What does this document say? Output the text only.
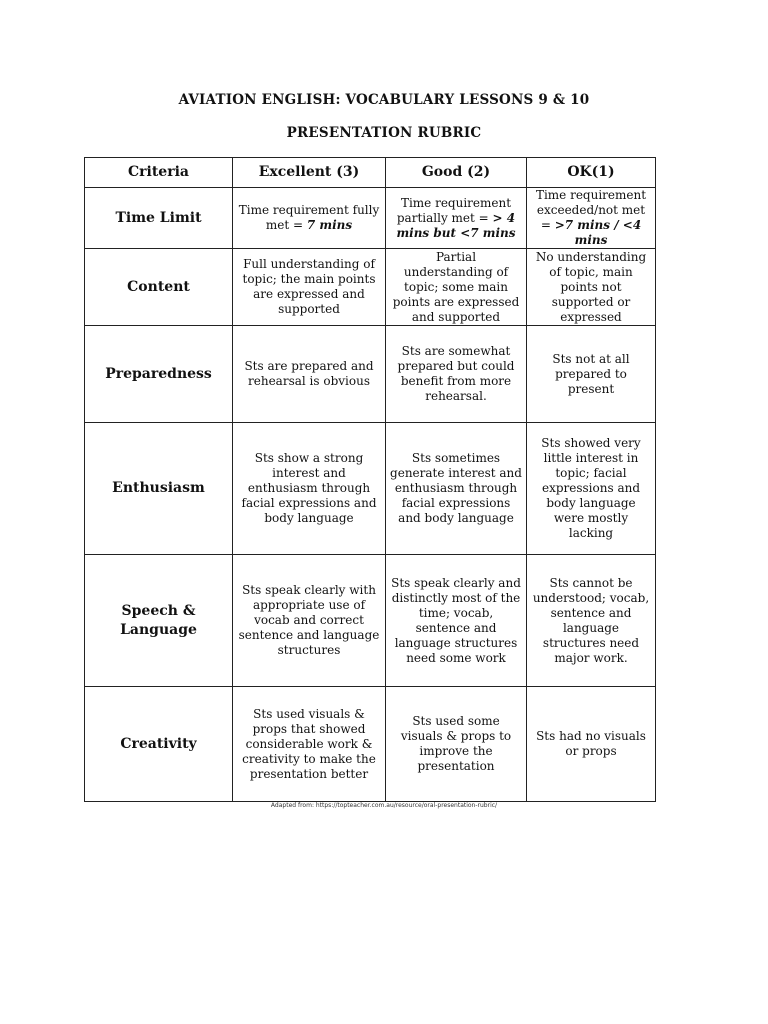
AVIATION ENGLISH: VOCABULARY LESSONS 9 & 10
PRESENTATION RUBRIC
Criteria	Excellent (3)	Good (2)	OK(1)
Time Limit	Time requirement fully met = 7 mins	Time requirement partially met = > 4 mins but <7 mins	Time requirement exceeded/not met = >7 mins / <4 mins
Content	Full understanding of topic; the main points are expressed and supported	Partial understanding of topic; some main points are expressed and supported	No understanding of topic, main points not supported or expressed
Preparedness	Sts are prepared and rehearsal is obvious	Sts are somewhat prepared but could benefit from more rehearsal.	Sts not at all prepared to present
Enthusiasm	Sts show a strong interest and enthusiasm through facial expressions and body language	Sts sometimes generate interest and enthusiasm through facial expressions and body language	Sts showed very little interest in topic; facial expressions and body language were mostly lacking
Speech & Language	Sts speak clearly with appropriate use of vocab and correct sentence and language structures	Sts speak clearly and distinctly most of the time; vocab, sentence and language structures need some work	Sts cannot be understood; vocab, sentence and language structures need major work.
Creativity	Sts used visuals & props that showed considerable work & creativity to make the presentation better	Sts used some visuals & props to improve the presentation	Sts had no visuals or props
Adapted from: https://topteacher.com.au/resource/oral-presentation-rubric/
